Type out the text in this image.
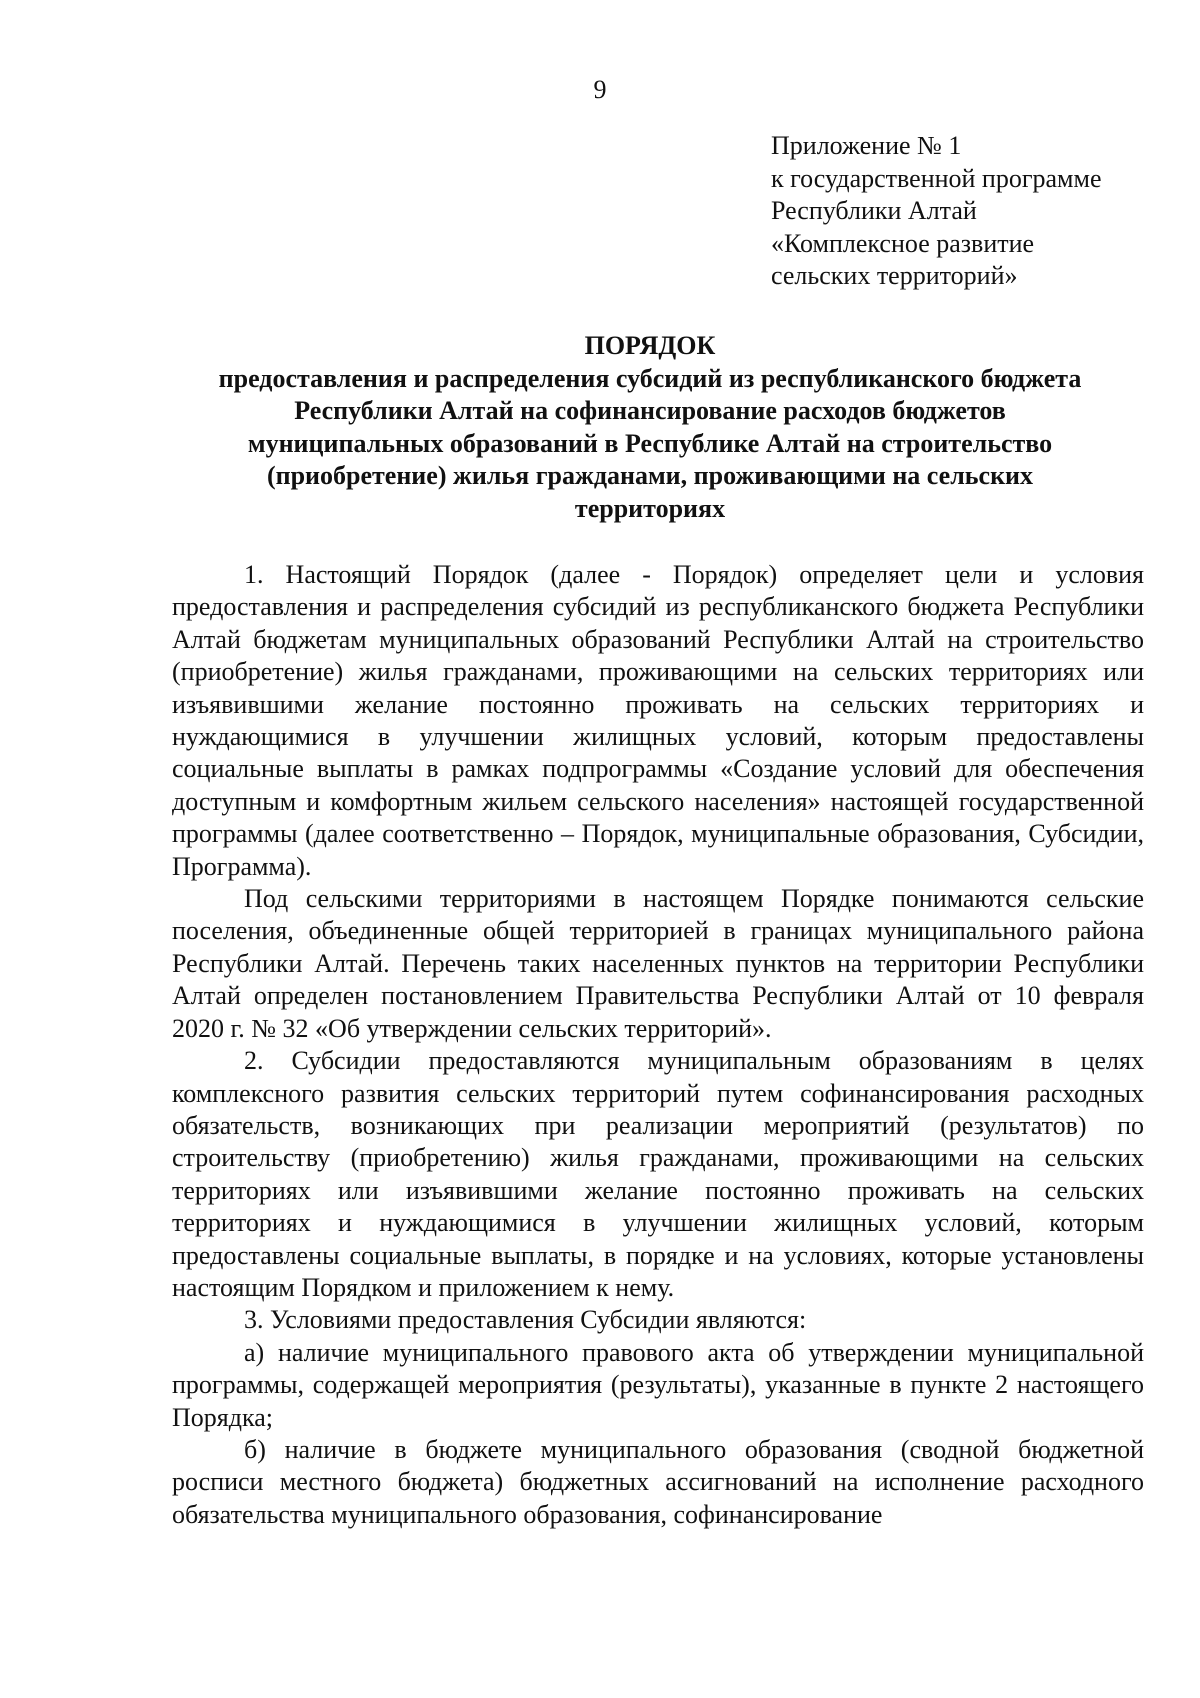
9
Приложение № 1
к государственной программе
Республики Алтай
«Комплексное развитие
сельских территорий»
ПОРЯДОК
предоставления и распределения субсидий из республиканского бюджета
Республики Алтай на софинансирование расходов бюджетов
муниципальных образований в Республике Алтай на строительство
(приобретение) жилья гражданами, проживающими на сельских
территориях

1. Настоящий Порядок (далее - Порядок) определяет цели и условия предоставления и распределения субсидий из республиканского бюджета Республики Алтай бюджетам муниципальных образований Республики Алтай на строительство (приобретение) жилья гражданами, проживающими на сельских территориях или изъявившими желание постоянно проживать на сельских территориях и нуждающимися в улучшении жилищных условий, которым предоставлены социальные выплаты в рамках подпрограммы «Создание условий для обеспечения доступным и комфортным жильем сельского населения» настоящей государственной программы (далее соответственно – Порядок, муниципальные образования, Субсидии, Программа).

Под сельскими территориями в настоящем Порядке понимаются сельские поселения, объединенные общей территорией в границах муниципального района Республики Алтай. Перечень таких населенных пунктов на территории Республики Алтай определен постановлением Правительства Республики Алтай от 10 февраля 2020 г. № 32 «Об утверждении сельских территорий».

2. Субсидии предоставляются муниципальным образованиям в целях комплексного развития сельских территорий путем софинансирования расходных обязательств, возникающих при реализации мероприятий (результатов) по строительству (приобретению) жилья гражданами, проживающими на сельских территориях или изъявившими желание постоянно проживать на сельских территориях и нуждающимися в улучшении жилищных условий, которым предоставлены социальные выплаты, в порядке и на условиях, которые установлены настоящим Порядком и приложением к нему.

3. Условиями предоставления Субсидии являются:

а) наличие муниципального правового акта об утверждении муниципальной программы, содержащей мероприятия (результаты), указанные в пункте 2 настоящего Порядка;

б) наличие в бюджете муниципального образования (сводной бюджетной росписи местного бюджета) бюджетных ассигнований на исполнение расходного обязательства муниципального образования, софинансирование
